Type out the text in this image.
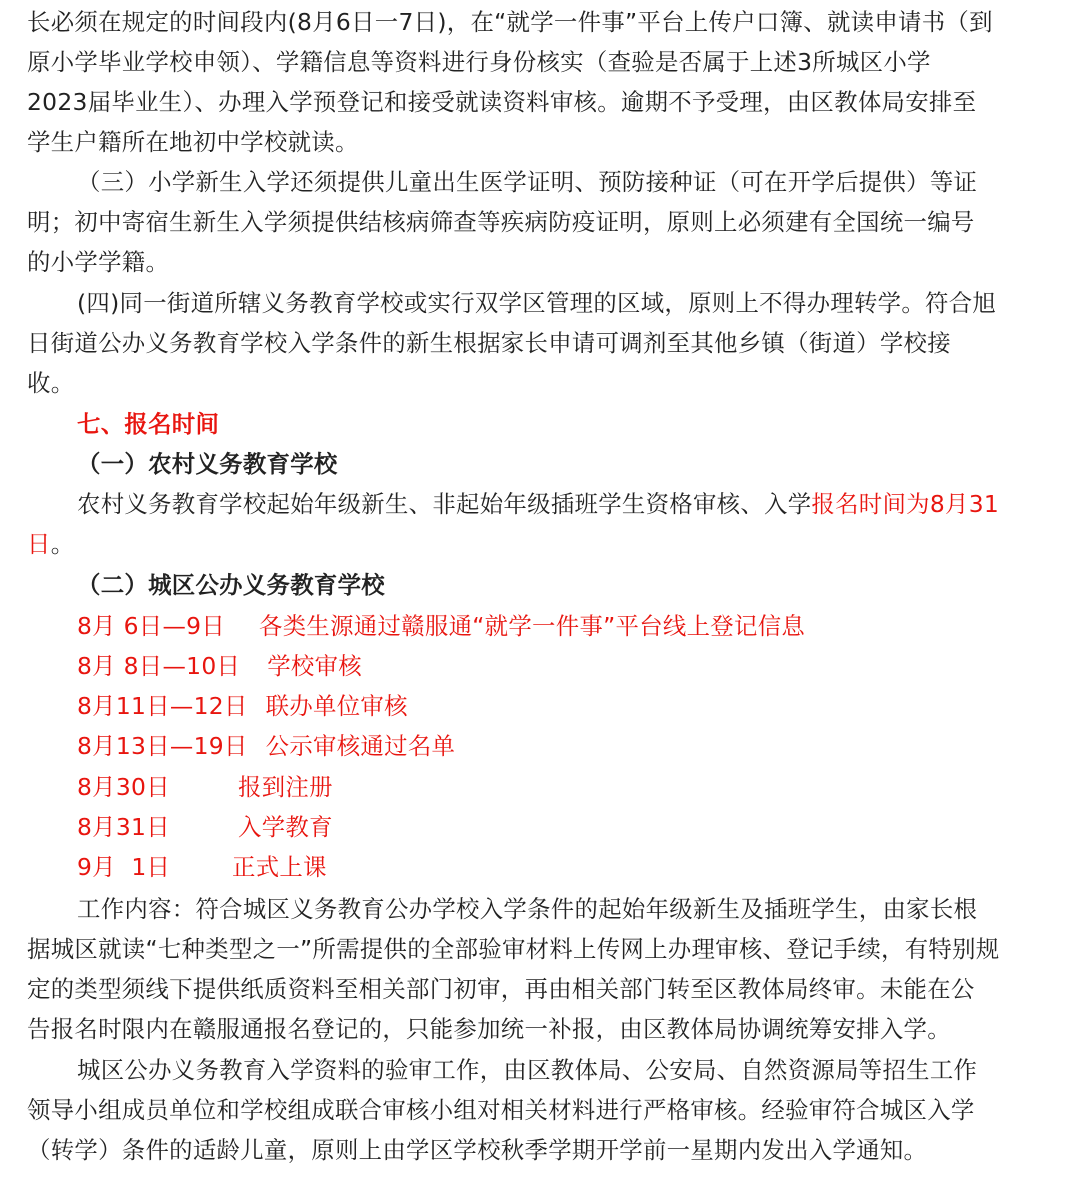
长必须在规定的时间段内(8月6日一7日)，在“就学一件事”平台上传户口簿、就读申请书（到
原小学毕业学校申领）、学籍信息等资料进行身份核实（查验是否属于上述3所城区小学
2023届毕业生）、办理入学预登记和接受就读资料审核。逾期不予受理，由区教体局安排至
学生户籍所在地初中学校就读。
（三）小学新生入学还须提供儿童出生医学证明、预防接种证（可在开学后提供）等证
明；初中寄宿生新生入学须提供结核病筛查等疾病防疫证明，原则上必须建有全国统一编号
的小学学籍。
(四)同一街道所辖义务教育学校或实行双学区管理的区域，原则上不得办理转学。符合旭
日街道公办义务教育学校入学条件的新生根据家长申请可调剂至其他乡镇（街道）学校接
收。
七、报名时间
（一）农村义务教育学校
农村义务教育学校起始年级新生、非起始年级插班学生资格审核、入学报名时间为8月31
日。
（二）城区公办义务教育学校
8月 6日—9日 各类生源通过赣服通“就学一件事”平台线上登记信息
8月 8日—10日 学校审核
8月11日—12日 联办单位审核
8月13日—19日 公示审核通过名单
8月30日	报到注册
8月31日	入学教育
9月  1日	正式上课
工作内容：符合城区义务教育公办学校入学条件的起始年级新生及插班学生，由家长根
据城区就读“七种类型之一”所需提供的全部验审材料上传网上办理审核、登记手续，有特别规
定的类型须线下提供纸质资料至相关部门初审，再由相关部门转至区教体局终审。未能在公
告报名时限内在赣服通报名登记的，只能参加统一补报，由区教体局协调统筹安排入学。
城区公办义务教育入学资料的验审工作，由区教体局、公安局、自然资源局等招生工作
领导小组成员单位和学校组成联合审核小组对相关材料进行严格审核。经验审符合城区入学
（转学）条件的适龄儿童，原则上由学区学校秋季学期开学前一星期内发出入学通知。
